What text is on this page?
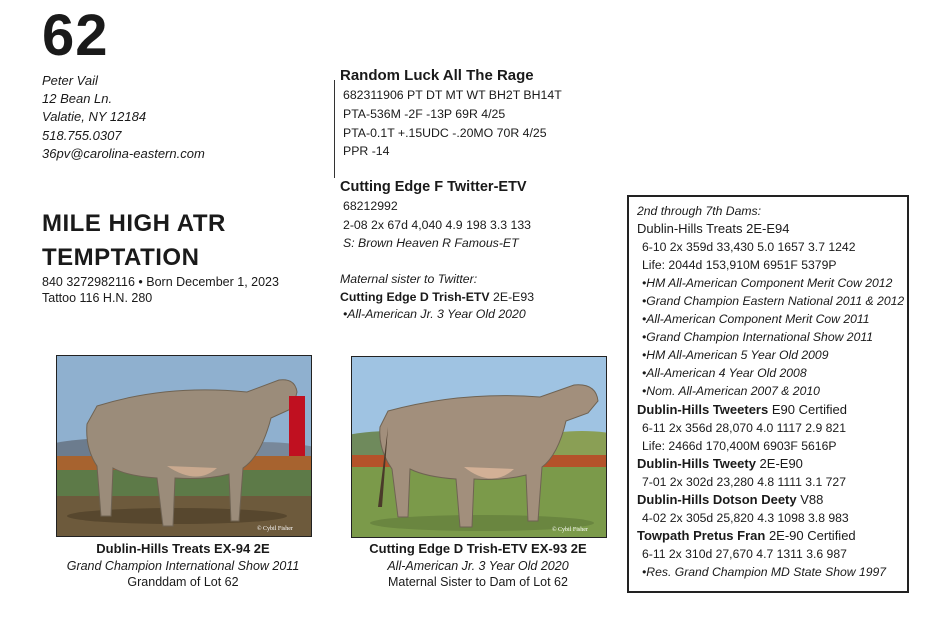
62
Peter Vail
12 Bean Ln.
Valatie, NY 12184
518.755.0307
36pv@carolina-eastern.com
MILE HIGH ATR
TEMPTATION
840 3272982116 • Born December 1, 2023
Tattoo 116 H.N. 280
Random Luck All The Rage
682311906 PT DT MT WT BH2T BH14T
PTA-536M -2F -13P 69R 4/25
PTA-0.1T +.15UDC -.20MO 70R 4/25
PPR -14
Cutting Edge F Twitter-ETV
68212992
2-08 2x 67d 4,040 4.9 198 3.3 133
S: Brown Heaven R Famous-ET
Maternal sister to Twitter:
Cutting Edge D Trish-ETV 2E-E93
•All-American Jr. 3 Year Old 2020
© Cybil Fisher
Dublin-Hills Treats EX-94 2E
Grand Champion International Show 2011
Granddam of Lot 62
© Cybil Fisher
Cutting Edge D Trish-ETV EX-93 2E
All-American Jr. 3 Year Old 2020
Maternal Sister to Dam of Lot 62
2nd through 7th Dams:
Dublin-Hills Treats 2E-E94
6-10 2x 359d 33,430 5.0 1657 3.7 1242
Life: 2044d 153,910M 6951F 5379P
•HM All-American Component Merit Cow 2012
•Grand Champion Eastern National 2011 & 2012
•All-American Component Merit Cow 2011
•Grand Champion International Show 2011
•HM All-American 5 Year Old 2009
•All-American 4 Year Old 2008
•Nom. All-American 2007 & 2010
Dublin-Hills Tweeters E90 Certified
6-11 2x 356d 28,070 4.0 1117 2.9 821
Life: 2466d 170,400M 6903F 5616P
Dublin-Hills Tweety 2E-E90
7-01 2x 302d 23,280 4.8 1111 3.1 727
Dublin-Hills Dotson Deety V88
4-02 2x 305d 25,820 4.3 1098 3.8 983
Towpath Pretus Fran 2E-90 Certified
6-11 2x 310d 27,670 4.7 1311 3.6 987
•Res. Grand Champion MD State Show 1997
